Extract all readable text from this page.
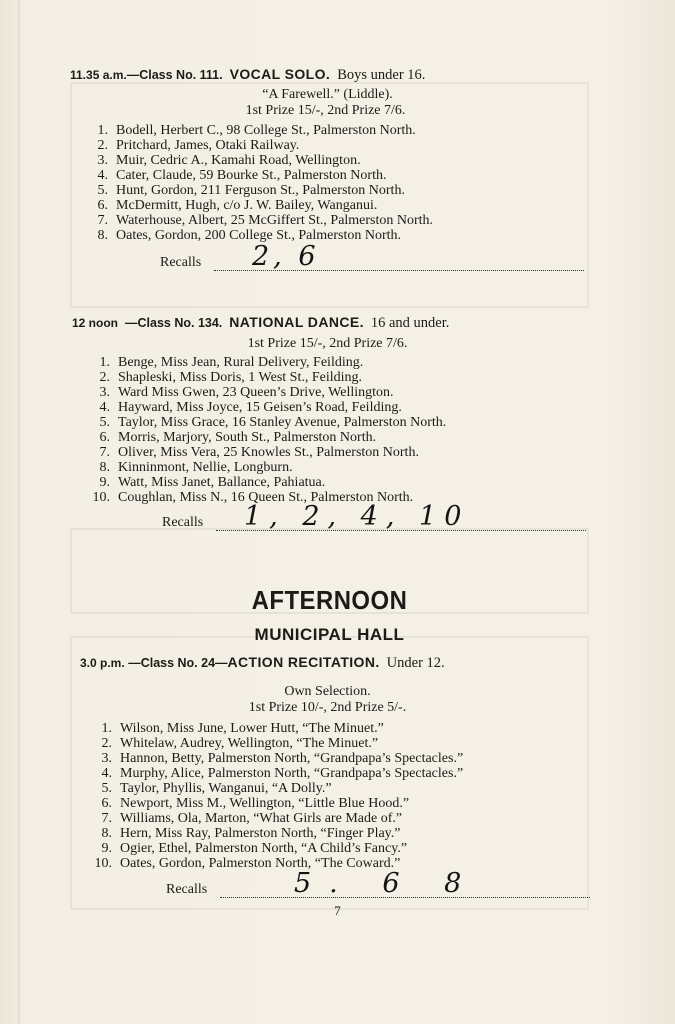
11.35 a.m.—Class No. 111. VOCAL SOLO. Boys under 16.
“A Farewell.” (Liddle).
1st Prize 15/-, 2nd Prize 7/6.
1. Bodell, Herbert C., 98 College St., Palmerston North.
2. Pritchard, James, Otaki Railway.
3. Muir, Cedric A., Kamahi Road, Wellington.
4. Cater, Claude, 59 Bourke St., Palmerston North.
5. Hunt, Gordon, 211 Ferguson St., Palmerston North.
6. McDermitt, Hugh, c/o J. W. Bailey, Wanganui.
7. Waterhouse, Albert, 25 McGiffert St., Palmerston North.
8. Oates, Gordon, 200 College St., Palmerston North.
Recalls 2, 6
12 noon —Class No. 134. NATIONAL DANCE. 16 and under.
1st Prize 15/-, 2nd Prize 7/6.
1. Benge, Miss Jean, Rural Delivery, Feilding.
2. Shapleski, Miss Doris, 1 West St., Feilding.
3. Ward Miss Gwen, 23 Queen’s Drive, Wellington.
4. Hayward, Miss Joyce, 15 Geisen’s Road, Feilding.
5. Taylor, Miss Grace, 16 Stanley Avenue, Palmerston North.
6. Morris, Marjory, South St., Palmerston North.
7. Oliver, Miss Vera, 25 Knowles St., Palmerston North.
8. Kinninmont, Nellie, Longburn.
9. Watt, Miss Janet, Ballance, Pahiatua.
10. Coughlan, Miss N., 16 Queen St., Palmerston North.
Recalls 1, 2, 4, 10
AFTERNOON
MUNICIPAL HALL
3.0 p.m. —Class No. 24—ACTION RECITATION. Under 12.
Own Selection.
1st Prize 10/-, 2nd Prize 5/-.
1. Wilson, Miss June, Lower Hutt, “The Minuet.”
2. Whitelaw, Audrey, Wellington, “The Minuet.”
3. Hannon, Betty, Palmerston North, “Grandpapa’s Spectacles.”
4. Murphy, Alice, Palmerston North, “Grandpapa’s Spectacles.”
5. Taylor, Phyllis, Wanganui, “A Dolly.”
6. Newport, Miss M., Wellington, “Little Blue Hood.”
7. Williams, Ola, Marton, “What Girls are Made of.”
8. Hern, Miss Ray, Palmerston North, “Finger Play.”
9. Ogier, Ethel, Palmerston North, “A Child’s Fancy.”
10. Oates, Gordon, Palmerston North, “The Coward.”
Recalls	5. 6 8
7
